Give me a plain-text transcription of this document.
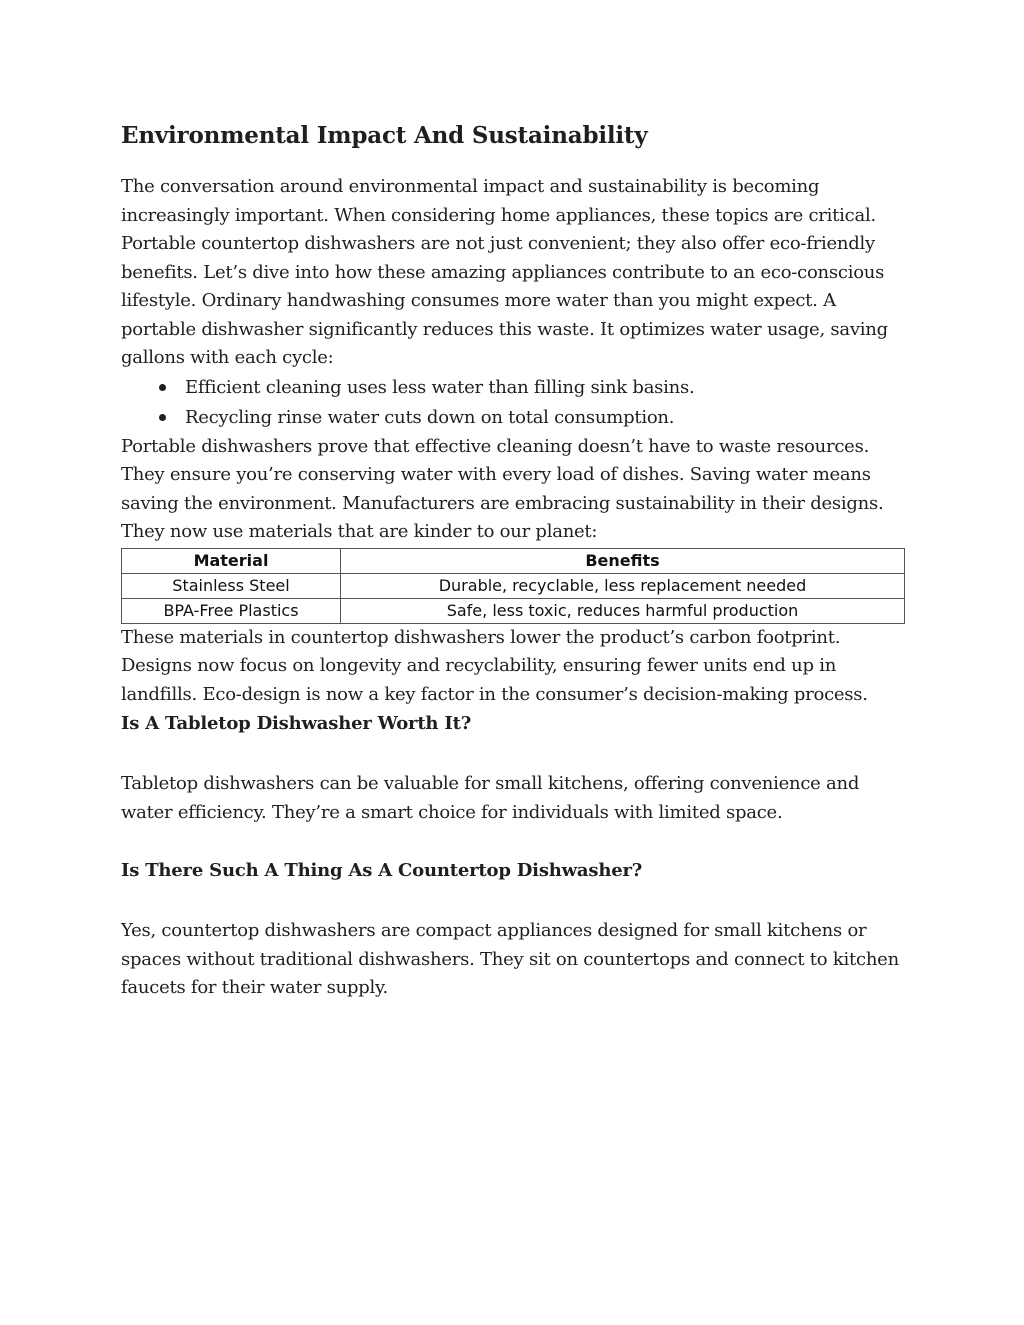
Environmental Impact And Sustainability

The conversation around environmental impact and sustainability is becoming increasingly important. When considering home appliances, these topics are critical. Portable countertop dishwashers are not just convenient; they also offer eco-friendly benefits. Let’s dive into how these amazing appliances contribute to an eco-conscious lifestyle. Ordinary handwashing consumes more water than you might expect. A portable dishwasher significantly reduces this waste. It optimizes water usage, saving gallons with each cycle:

Efficient cleaning uses less water than filling sink basins.
Recycling rinse water cuts down on total consumption.

Portable dishwashers prove that effective cleaning doesn’t have to waste resources. They ensure you’re conserving water with every load of dishes. Saving water means saving the environment. Manufacturers are embracing sustainability in their designs. They now use materials that are kinder to our planet:

Material	Benefits
Stainless Steel	Durable, recyclable, less replacement needed
BPA-Free Plastics	Safe, less toxic, reduces harmful production

These materials in countertop dishwashers lower the product’s carbon footprint. Designs now focus on longevity and recyclability, ensuring fewer units end up in landfills. Eco-design is now a key factor in the consumer’s decision-making process.

Is A Tabletop Dishwasher Worth It?

Tabletop dishwashers can be valuable for small kitchens, offering convenience and water efficiency. They’re a smart choice for individuals with limited space.

Is There Such A Thing As A Countertop Dishwasher?

Yes, countertop dishwashers are compact appliances designed for small kitchens or spaces without traditional dishwashers. They sit on countertops and connect to kitchen faucets for their water supply.
